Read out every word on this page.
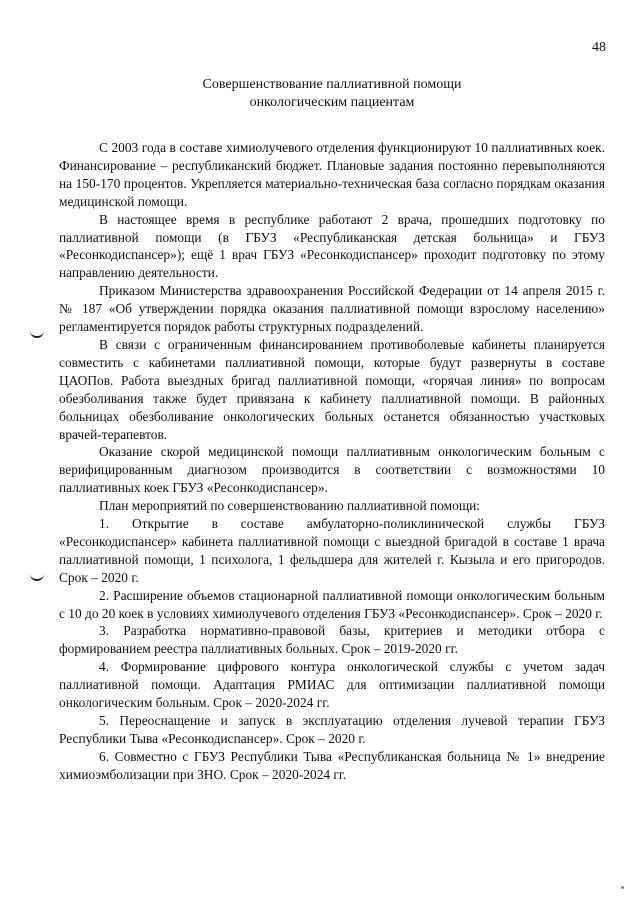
48

Совершенствование паллиативной помощи
онкологическим пациентам

С 2003 года в составе химиолучевого отделения функционируют 10 паллиативных коек. Финансирование – республиканский бюджет. Плановые задания постоянно перевыполняются на 150-170 процентов. Укрепляется материально-техническая база согласно порядкам оказания медицинской помощи.

В настоящее время в республике работают 2 врача, прошедших подготовку по паллиативной помощи (в ГБУЗ «Республиканская детская больница» и ГБУЗ «Ресонкодиспансер»); ещё 1 врач ГБУЗ «Ресонкодиспансер» проходит подготовку по этому направлению деятельности.

Приказом Министерства здравоохранения Российской Федерации от 14 апреля 2015 г. № 187 «Об утверждении порядка оказания паллиативной помощи взрослому населению» регламентируется порядок работы структурных подразделений.

В связи с ограниченным финансированием противоболевые кабинеты планируется совместить с кабинетами паллиативной помощи, которые будут развернуты в составе ЦАОПов. Работа выездных бригад паллиативной помощи, «горячая линия» по вопросам обезболивания также будет привязана к кабинету паллиативной помощи. В районных больницах обезболивание онкологических больных останется обязанностью участковых врачей-терапевтов.

Оказание скорой медицинской помощи паллиативным онкологическим больным с верифицированным диагнозом производится в соответствии с возможностями 10 паллиативных коек ГБУЗ «Ресонкодиспансер».

План мероприятий по совершенствованию паллиативной помощи:

1. Открытие в составе амбулаторно-поликлинической службы ГБУЗ «Ресонкодиспансер» кабинета паллиативной помощи с выездной бригадой в составе 1 врача паллиативной помощи, 1 психолога, 1 фельдшера для жителей г. Кызыла и его пригородов. Срок – 2020 г.

2. Расширение объемов стационарной паллиативной помощи онкологическим больным с 10 до 20 коек в условиях химиолучевого отделения ГБУЗ «Ресонкодиспансер». Срок – 2020 г.

3. Разработка нормативно-правовой базы, критериев и методики отбора с формированием реестра паллиативных больных. Срок – 2019-2020 гг.

4. Формирование цифрового контура онкологической службы с учетом задач паллиативной помощи. Адаптация РМИАС для оптимизации паллиативной помощи онкологическим больным. Срок – 2020-2024 гг.

5. Переоснащение и запуск в эксплуатацию отделения лучевой терапии ГБУЗ Республики Тыва «Ресонкодиспансер». Срок – 2020 г.

6. Совместно с ГБУЗ Республики Тыва «Республиканская больница № 1» внедрение химиоэмболизации при ЗНО. Срок – 2020-2024 гг.
